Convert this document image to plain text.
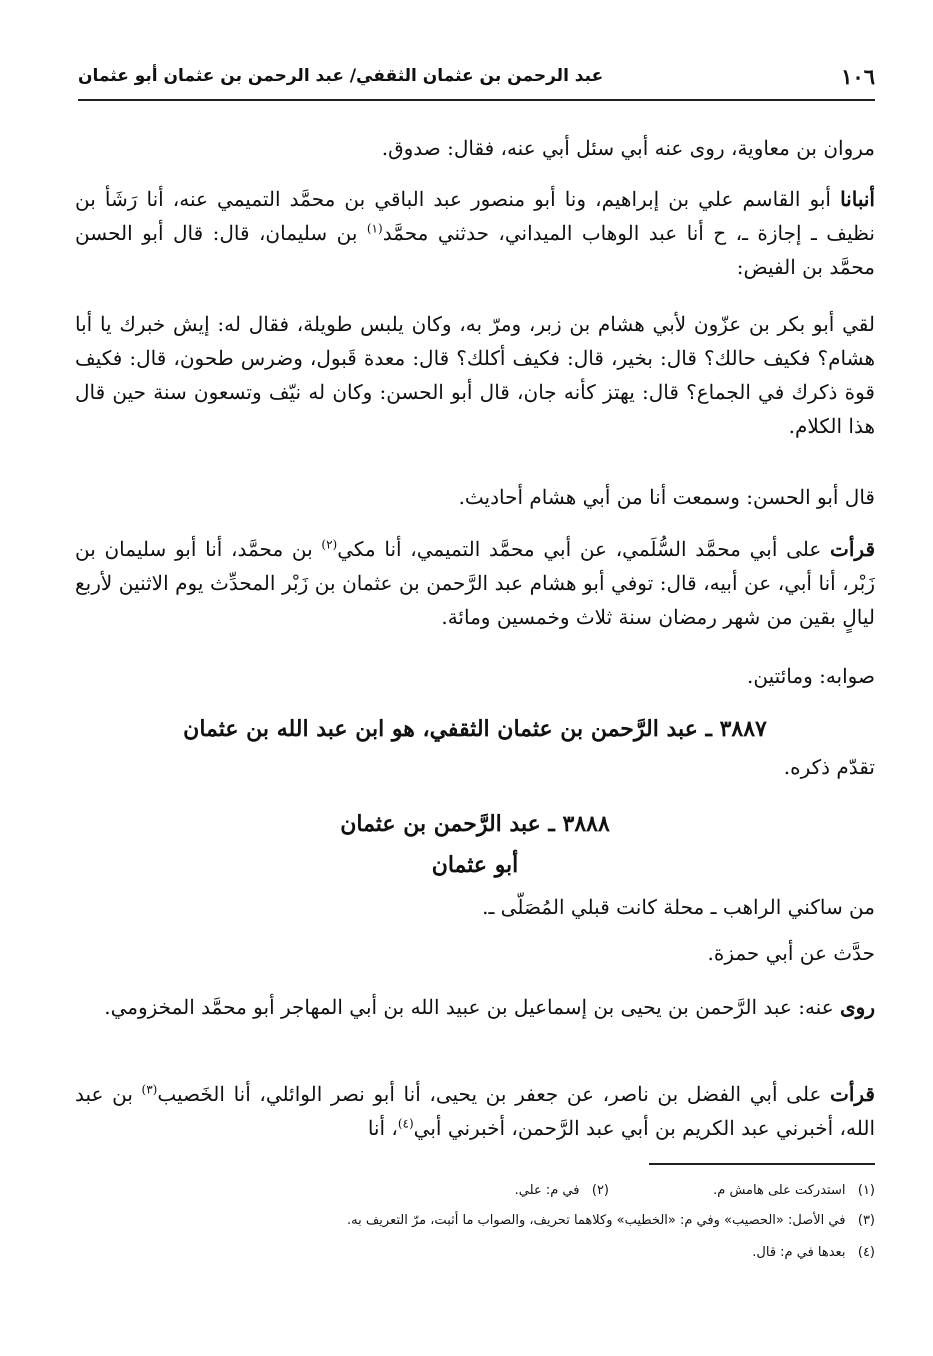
١٠٦
عبد الرحمن بن عثمان الثقفي/ عبد الرحمن بن عثمان أبو عثمان

مروان بن معاوية، روى عنه أبي سئل أبي عنه، فقال: صدوق.

أنبانا أبو القاسم علي بن إبراهيم، ونا أبو منصور عبد الباقي بن محمَّد التميمي عنه، أنا رَشَأ بن نظيف ـ إجازة ـ، ح أنا عبد الوهاب الميداني، حدثني محمَّد$^{(١)}$ بن سليمان، قال: قال أبو الحسن محمَّد بن الفيض:

لقي أبو بكر بن عزّون لأبي هشام بن زبر، ومرّ به، وكان يلبس طويلة، فقال له: إيش خبرك يا أبا هشام؟ فكيف حالك؟ قال: بخير، قال: فكيف أكلك؟ قال: معدة قَبول، وضرس طحون، قال: فكيف قوة ذكرك في الجماع؟ قال: يهتز كأنه جان، قال أبو الحسن: وكان له نيّف وتسعون سنة حين قال هذا الكلام.

قال أبو الحسن: وسمعت أنا من أبي هشام أحاديث.

قرأت على أبي محمَّد السُّلَمي، عن أبي محمَّد التميمي، أنا مكي$^{(٢)}$ بن محمَّد، أنا أبو سليمان بن زَبْر، أنا أبي، عن أبيه، قال: توفي أبو هشام عبد الرَّحمن بن عثمان بن زَبْر المحدِّث يوم الاثنين لأربع ليالٍ بقين من شهر رمضان سنة ثلاث وخمسين ومائة.

صوابه: ومائتين.

٣٨٨٧ ـ عبد الرَّحمن بن عثمان الثقفي، هو ابن عبد الله بن عثمان

تقدّم ذكره.

٣٨٨٨ ـ عبد الرَّحمن بن عثمان
أبو عثمان

من ساكني الراهب ـ محلة كانت قبلي المُصَلّى ـ.

حدَّث عن أبي حمزة.

روى عنه: عبد الرَّحمن بن يحيى بن إسماعيل بن عبيد الله بن أبي المهاجر أبو محمَّد المخزومي.

قرأت على أبي الفضل بن ناصر، عن جعفر بن يحيى، أنا أبو نصر الوائلي، أنا الخَصيب$^{(٣)}$ بن عبد الله، أخبرني عبد الكريم بن أبي عبد الرَّحمن، أخبرني أبي$^{(٤)}$، أنا

(١)   استدركت على هامش م. (٢)   في م: علي.

(٣)   في الأصل: «الحصيب» وفي م: «الخطيب» وكلاهما تحريف، والصواب ما أثبت، مرّ التعريف به.

(٤)   بعدها في م: قال.
